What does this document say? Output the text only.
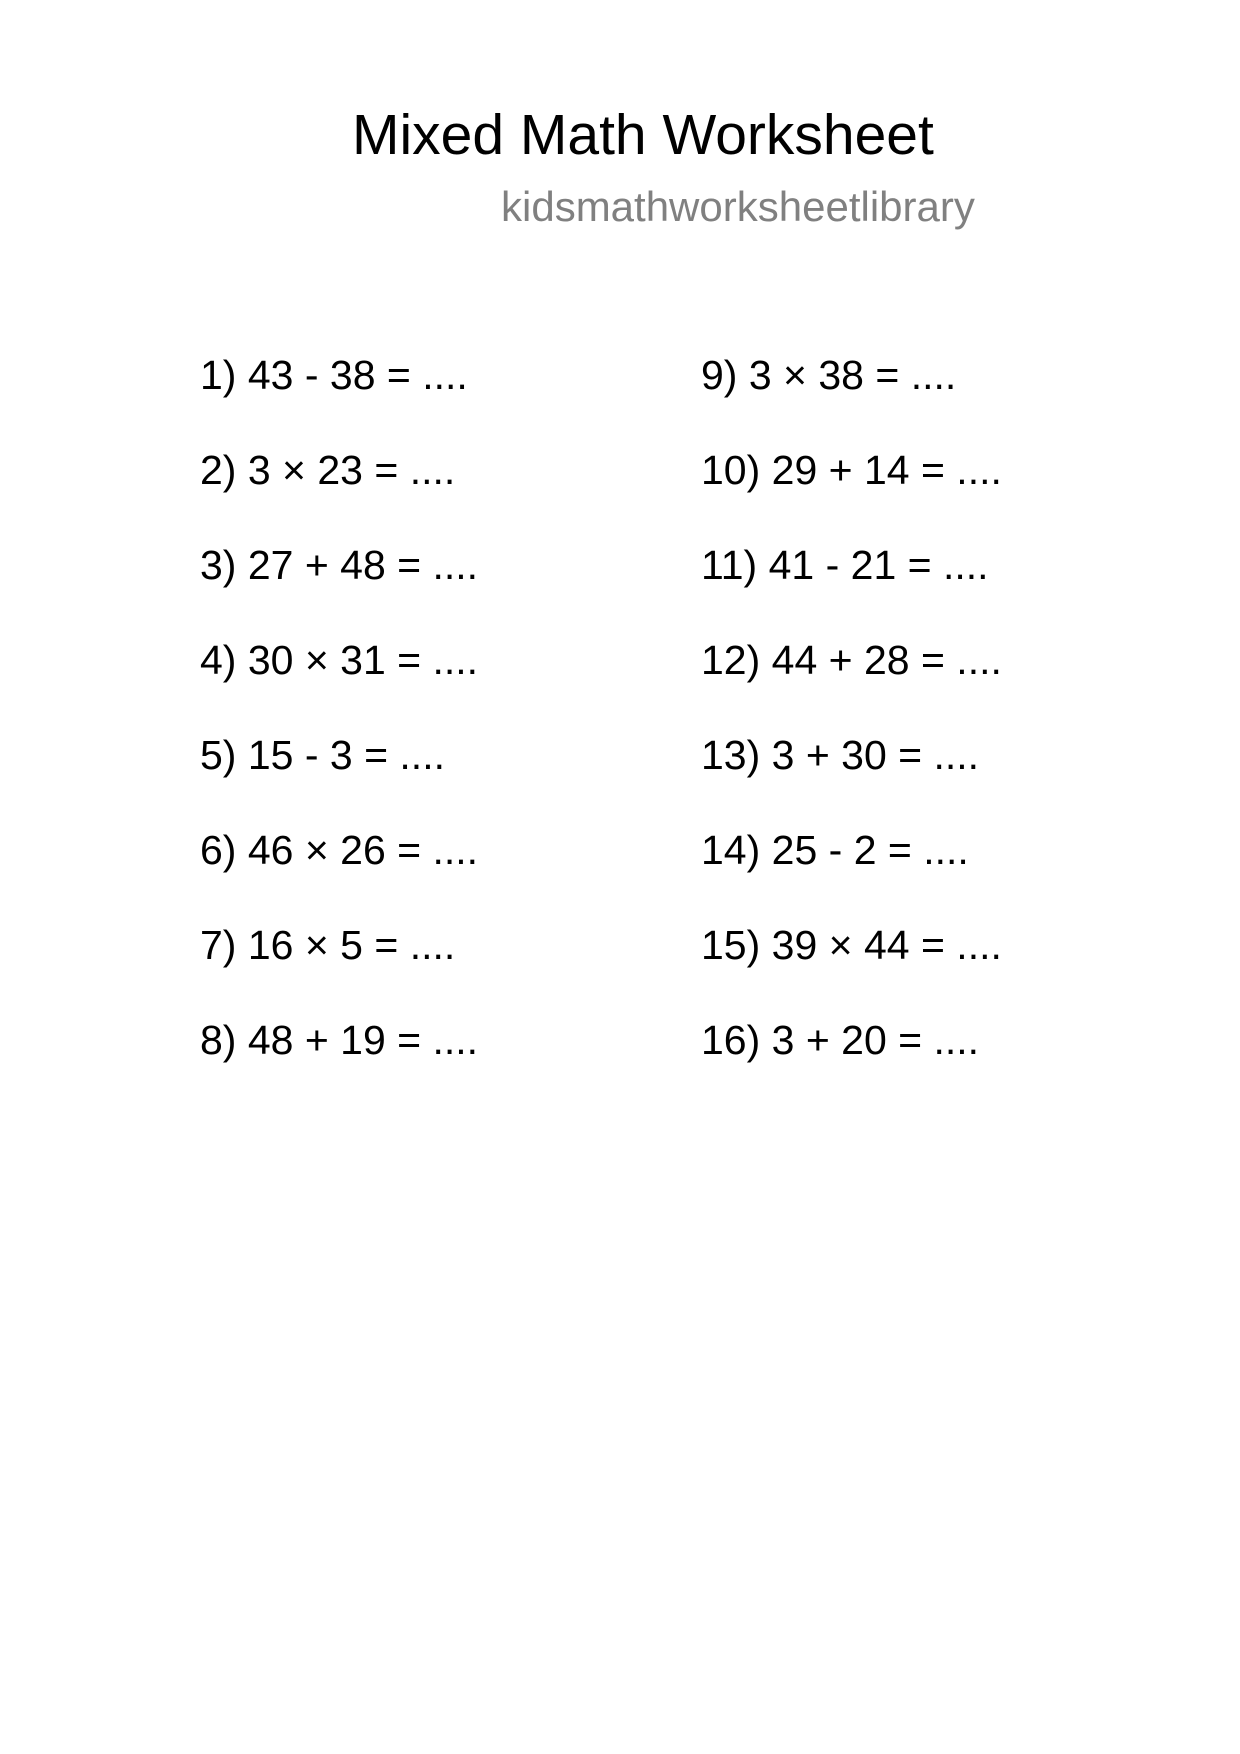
Mixed Math Worksheet
kidsmathworksheetlibrary
1) 43 - 38 = ....
2) 3 × 23 = ....
3) 27 + 48 = ....
4) 30 × 31 = ....
5) 15 - 3 = ....
6) 46 × 26 = ....
7) 16 × 5 = ....
8) 48 + 19 = ....
9) 3 × 38 = ....
10) 29 + 14 = ....
11) 41 - 21 = ....
12) 44 + 28 = ....
13) 3 + 30 = ....
14) 25 - 2 = ....
15) 39 × 44 = ....
16) 3 + 20 = ....
